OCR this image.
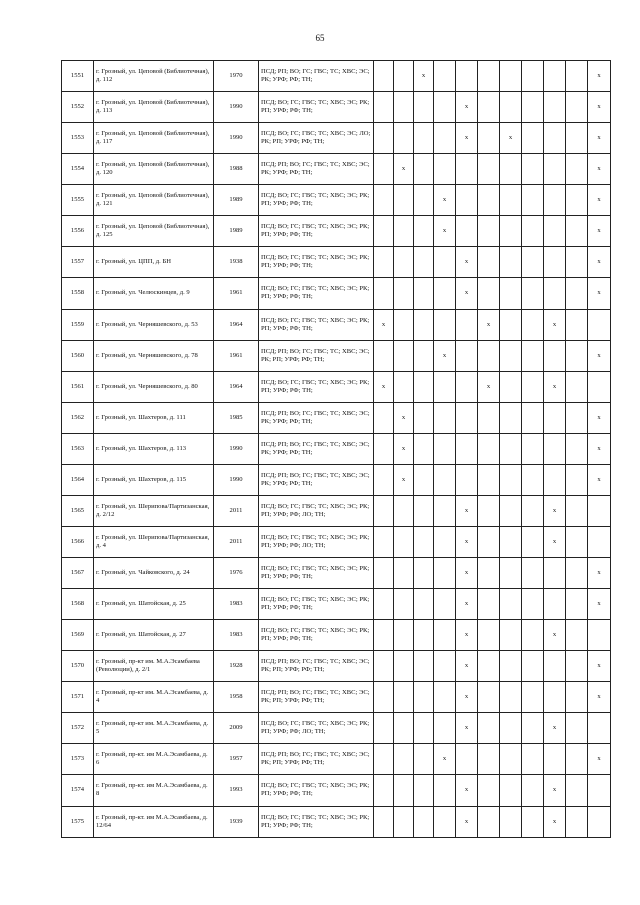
65
1551	г. Грозный, ул. Цеповой (Библиотечная), д. 112	1970	ПСД; РП; ВО; ГС; ГВС; ТС; ХВС; ЭС; РК; УРФ; РФ; ТН;			x								x
1552	г. Грозный, ул. Цеповой (Библиотечная), д. 113	1990	ПСД; ВО; ГС; ГВС; ТС; ХВС; ЭС; РК; РП; УРФ; РФ; ТН;					x						x
1553	г. Грозный, ул. Цеповой (Библиотечная), д. 117	1990	ПСД; ВО; ГС; ГВС; ТС; ХВС; ЭС; ЛО; РК; РП; УРФ; РФ; ТН;					x		x				x
1554	г. Грозный, ул. Цеповой (Библиотечная), д. 120	1988	ПСД; РП; ВО; ГС; ГВС; ТС; ХВС; ЭС; РК; УРФ; РФ; ТН;		x									x
1555	г. Грозный, ул. Цеповой (Библиотечная), д. 121	1989	ПСД; ВО; ГС; ГВС; ТС; ХВС; ЭС; РК; РП; УРФ; РФ; ТН;				x							x
1556	г. Грозный, ул. Цеповой (Библиотечная), д. 125	1989	ПСД; ВО; ГС; ГВС; ТС; ХВС; ЭС; РК; РП; УРФ; РФ; ТН;				x							x
1557	г. Грозный, ул. ЦПП, д. БН	1938	ПСД; ВО; ГС; ГВС; ТС; ХВС; ЭС; РК; РП; УРФ; РФ; ТН;					x						x
1558	г. Грозный, ул. Челюскинцев, д. 9	1961	ПСД; ВО; ГС; ГВС; ТС; ХВС; ЭС; РК; РП; УРФ; РФ; ТН;					x						x
1559	г. Грозный, ул. Черняшевского, д. 53	1964	ПСД; ВО; ГС; ГВС; ТС; ХВС; ЭС; РК; РП; УРФ; РФ; ТН;	x					x			x		
1560	г. Грозный, ул. Черняшевского, д. 78	1961	ПСД; РП; ВО; ГС; ГВС; ТС; ХВС; ЭС; РК; РП; УРФ; РФ; ТН;				x							x
1561	г. Грозный, ул. Черняшевского, д. 80	1964	ПСД; ВО; ГС; ГВС; ТС; ХВС; ЭС; РК; РП; УРФ; РФ; ТН;	x					x			x		
1562	г. Грозный, ул. Шахтеров, д. 111	1985	ПСД; РП; ВО; ГС; ГВС; ТС; ХВС; ЭС; РК; УРФ; РФ; ТН;		x									x
1563	г. Грозный, ул. Шахтеров, д. 113	1990	ПСД; РП; ВО; ГС; ГВС; ТС; ХВС; ЭС; РК; УРФ; РФ; ТН;		x									x
1564	г. Грозный, ул. Шахтеров, д. 115	1990	ПСД; РП; ВО; ГС; ГВС; ТС; ХВС; ЭС; РК; УРФ; РФ; ТН;		x									x
1565	г. Грозный, ул. Шерипова/Партизанская, д. 2/12	2011	ПСД; ВО; ГС; ГВС; ТС; ХВС; ЭС; РК; РП; УРФ; РФ; ЛО; ТН;					x				x		
1566	г. Грозный, ул. Шерипова/Партизанская, д. 4	2011	ПСД; ВО; ГС; ГВС; ТС; ХВС; ЭС; РК; РП; УРФ; РФ; ЛО; ТН;					x				x		
1567	г. Грозный, ул. Чайковского, д. 24	1976	ПСД; ВО; ГС; ГВС; ТС; ХВС; ЭС; РК; РП; УРФ; РФ; ТН;					x						x
1568	г. Грозный, ул. Шатойская, д. 25	1983	ПСД; ВО; ГС; ГВС; ТС; ХВС; ЭС; РК; РП; УРФ; РФ; ТН;					x						x
1569	г. Грозный, ул. Шатойская, д. 27	1983	ПСД; ВО; ГС; ГВС; ТС; ХВС; ЭС; РК; РП; УРФ; РФ; ТН;					x				x		
1570	г. Грозный, пр-кт им. М.А.Эсамбаева (Революции), д. 2/1	1928	ПСД; РП; ВО; ГС; ГВС; ТС; ХВС; ЭС; РК; РП; УРФ; РФ; ТН;					x						x
1571	г. Грозный, пр-кт им. М.А.Эсамбаева, д. 4	1958	ПСД; РП; ВО; ГС; ГВС; ТС; ХВС; ЭС; РК; РП; УРФ; РФ; ТН;					x						x
1572	г. Грозный, пр-кт им. М.А.Эсамбаева, д. 5	2009	ПСД; ВО; ГС; ГВС; ТС; ХВС; ЭС; РК; РП; УРФ; РФ; ЛО; ТН;					x				x		
1573	г. Грозный, пр-кт. им М.А.Эсамбаева, д. 6	1957	ПСД; РП; ВО; ГС; ГВС; ТС; ХВС; ЭС; РК; РП; УРФ; РФ; ТН;				x							x
1574	г. Грозный, пр-кт. им М.А.Эсамбаева, д. 8	1993	ПСД; ВО; ГС; ГВС; ТС; ХВС; ЭС; РК; РП; УРФ; РФ; ТН;					x				x		
1575	г. Грозный, пр-кт. им М.А.Эсамбаева, д. 12/64	1939	ПСД; ВО; ГС; ГВС; ТС; ХВС; ЭС; РК; РП; УРФ; РФ; ТН;					x				x		
